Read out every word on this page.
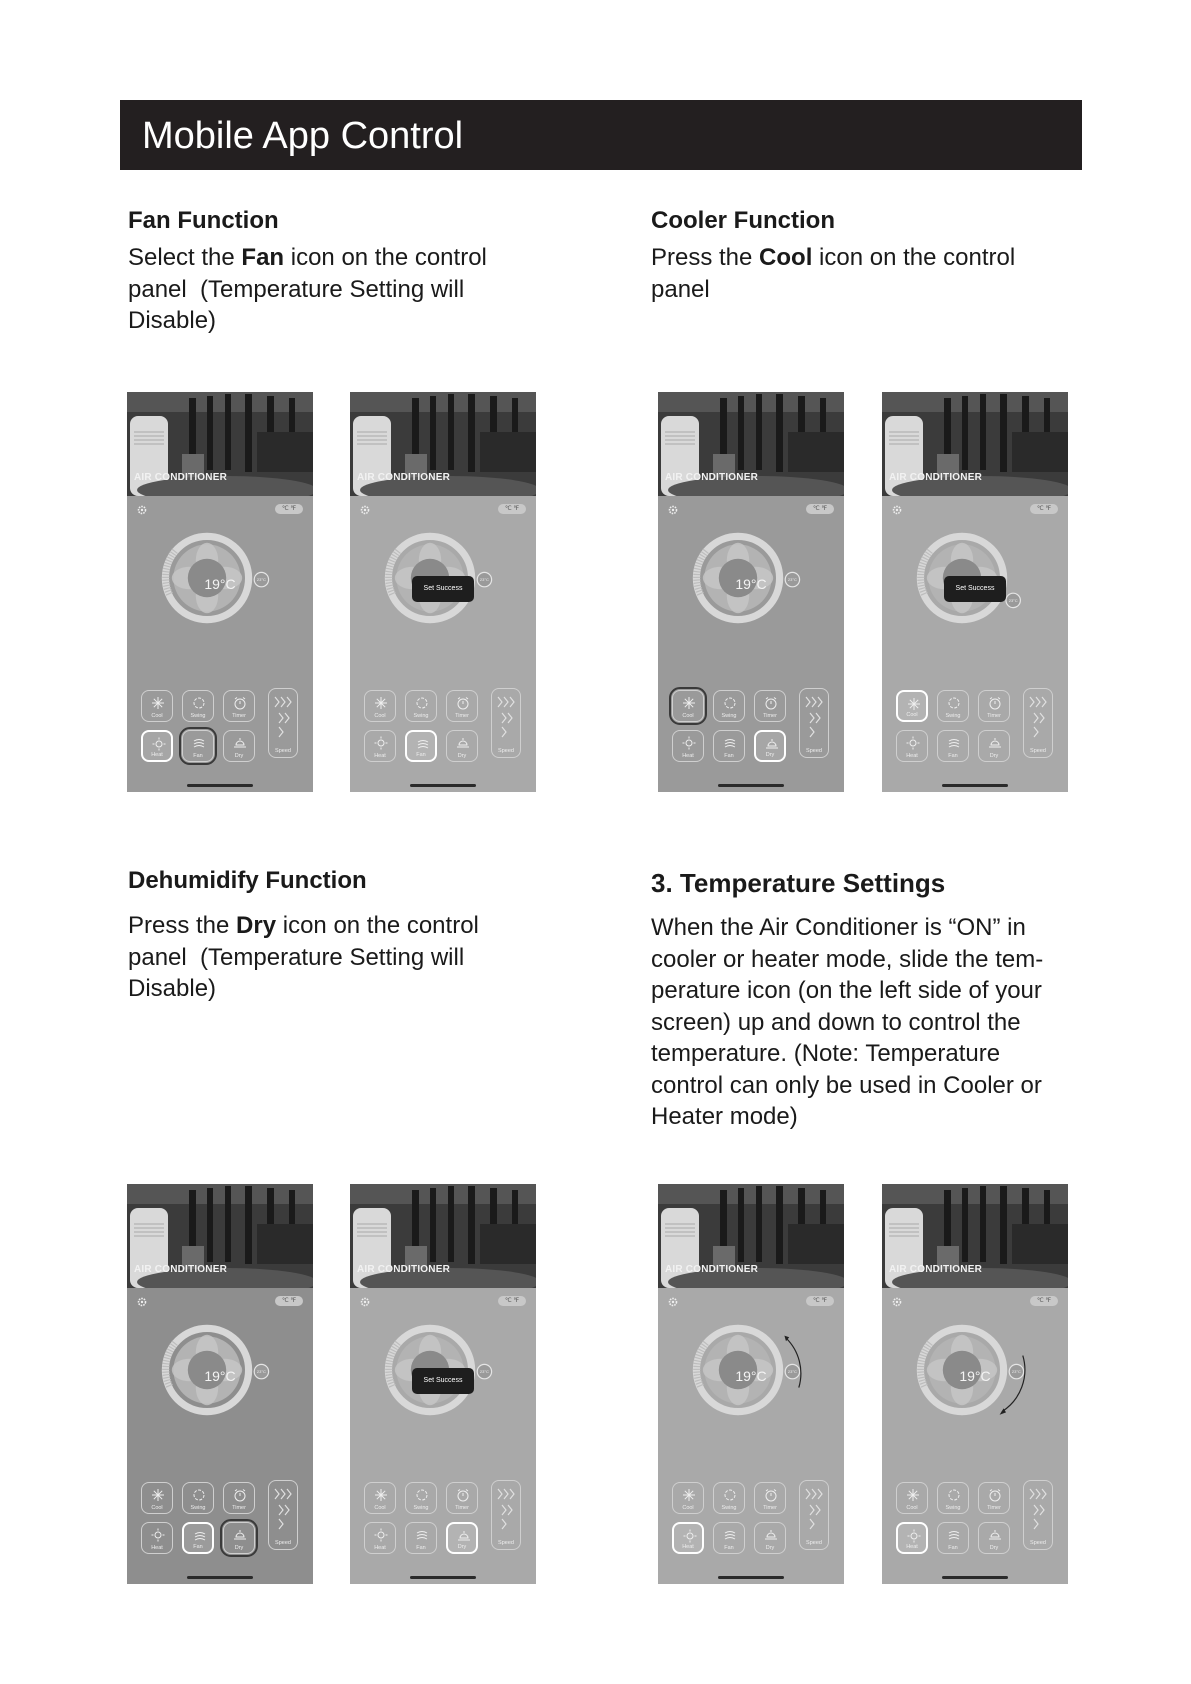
Mobile App Control

Fan Function

Select the Fan icon on the control
panel  (Temperature Setting will
Disable)

Cooler Function

Press the Cool icon on the control
panel

Dehumidify Function

Press the Dry icon on the control
panel  (Temperature Setting will
Disable)

3. Temperature Settings

When the Air Conditioner is “ON” in
cooler or heater mode, slide the tem-
perature icon (on the left side of your
screen) up and down to control the
temperature. (Note: Temperature
control can only be used in Cooler or
Heater mode)

AIR CONDITIONER
℃ ℉
23°C
19°C
Cool	Swing	Timer
Heat	Fan	Dry
Speed
AIR CONDITIONER
℃ ℉
23°C
Set Success
Cool	Swing	Timer
Heat	Fan	Dry
Speed
AIR CONDITIONER
℃ ℉
23°C
19°C
Cool	Swing	Timer
Heat	Fan	Dry
Speed
AIR CONDITIONER
℃ ℉
23°C
Set Success
Cool	Swing	Timer
Heat	Fan	Dry
Speed
AIR CONDITIONER
℃ ℉
23°C
19°C
Cool	Swing	Timer
Heat	Fan	Dry
Speed
AIR CONDITIONER
℃ ℉
23°C
Set Success
Cool	Swing	Timer
Heat	Fan	Dry
Speed
AIR CONDITIONER
℃ ℉
23°C
19°C
Cool	Swing	Timer
Heat	Fan	Dry
Speed
AIR CONDITIONER
℃ ℉
23°C
19°C
Cool	Swing	Timer
Heat	Fan	Dry
Speed
